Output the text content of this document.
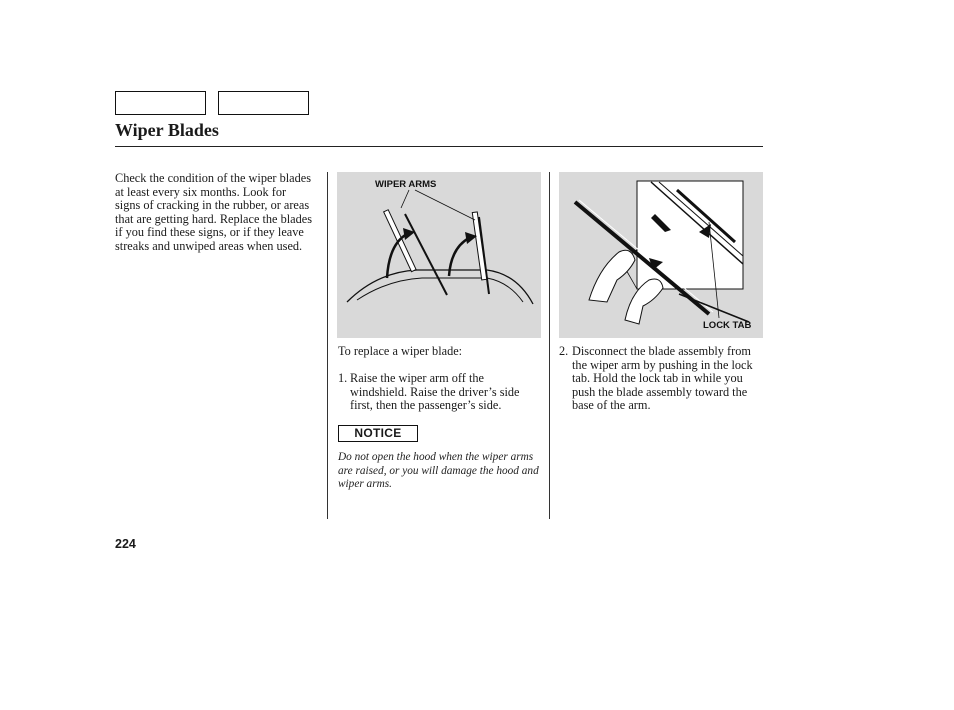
Wiper Blades
Check the condition of the wiper blades at least every six months. Look for signs of cracking in the rubber, or areas that are getting hard. Replace the blades if you find these signs, or if they leave streaks and unwiped areas when used.
WIPER ARMS
LOCK TAB
To replace a wiper blade:
1. Raise the wiper arm off the windshield. Raise the driver’s side first, then the passenger’s side.
NOTICE
Do not open the hood when the wiper arms are raised, or you will damage the hood and wiper arms.
2. Disconnect the blade assembly from the wiper arm by pushing in the lock tab. Hold the lock tab in while you push the blade assembly toward the base of the arm.
224
